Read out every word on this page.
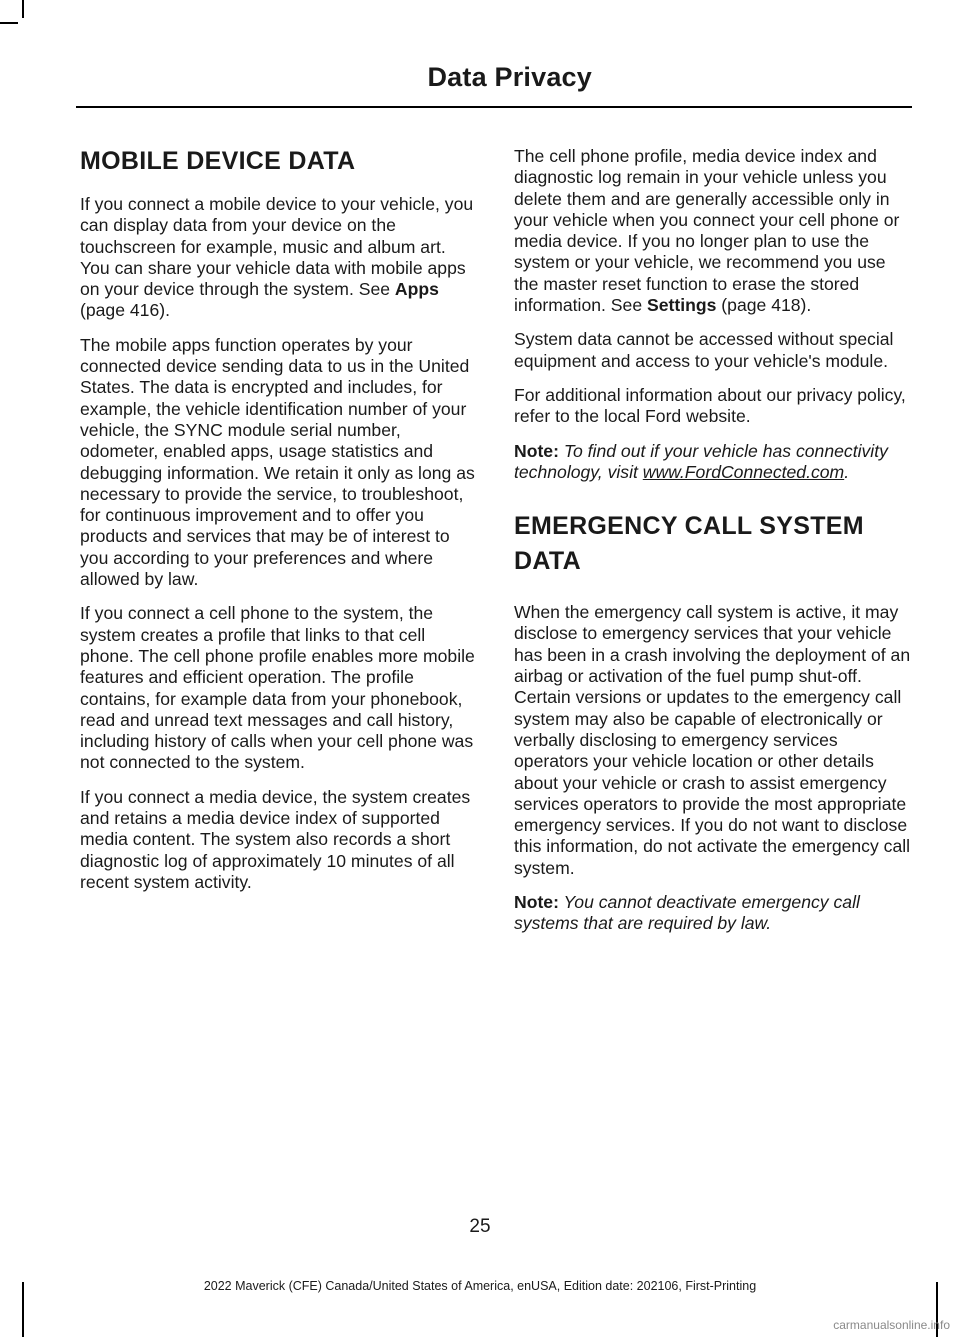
Data Privacy
MOBILE DEVICE DATA

If you connect a mobile device to your vehicle, you can display data from your device on the touchscreen for example, music and album art. You can share your vehicle data with mobile apps on your device through the system. See Apps (page 416).

The mobile apps function operates by your connected device sending data to us in the United States. The data is encrypted and includes, for example, the vehicle identification number of your vehicle, the SYNC module serial number, odometer, enabled apps, usage statistics and debugging information. We retain it only as long as necessary to provide the service, to troubleshoot, for continuous improvement and to offer you products and services that may be of interest to you according to your preferences and where allowed by law.

If you connect a cell phone to the system, the system creates a profile that links to that cell phone. The cell phone profile enables more mobile features and efficient operation. The profile contains, for example data from your phonebook, read and unread text messages and call history, including history of calls when your cell phone was not connected to the system.

If you connect a media device, the system creates and retains a media device index of supported media content. The system also records a short diagnostic log of approximately 10 minutes of all recent system activity.

The cell phone profile, media device index and diagnostic log remain in your vehicle unless you delete them and are generally accessible only in your vehicle when you connect your cell phone or media device. If you no longer plan to use the system or your vehicle, we recommend you use the master reset function to erase the stored information. See Settings (page 418).

System data cannot be accessed without special equipment and access to your vehicle's module.

For additional information about our privacy policy, refer to the local Ford website.

Note: To find out if your vehicle has connectivity technology, visit www.FordConnected.com.

EMERGENCY CALL SYSTEM
DATA

When the emergency call system is active, it may disclose to emergency services that your vehicle has been in a crash involving the deployment of an airbag or activation of the fuel pump shut-off. Certain versions or updates to the emergency call system may also be capable of electronically or verbally disclosing to emergency services operators your vehicle location or other details about your vehicle or crash to assist emergency services operators to provide the most appropriate emergency services. If you do not want to disclose this information, do not activate the emergency call system.

Note: You cannot deactivate emergency call systems that are required by law.

25
2022 Maverick (CFE) Canada/United States of America, enUSA, Edition date: 202106, First-Printing
carmanualsonline.info
